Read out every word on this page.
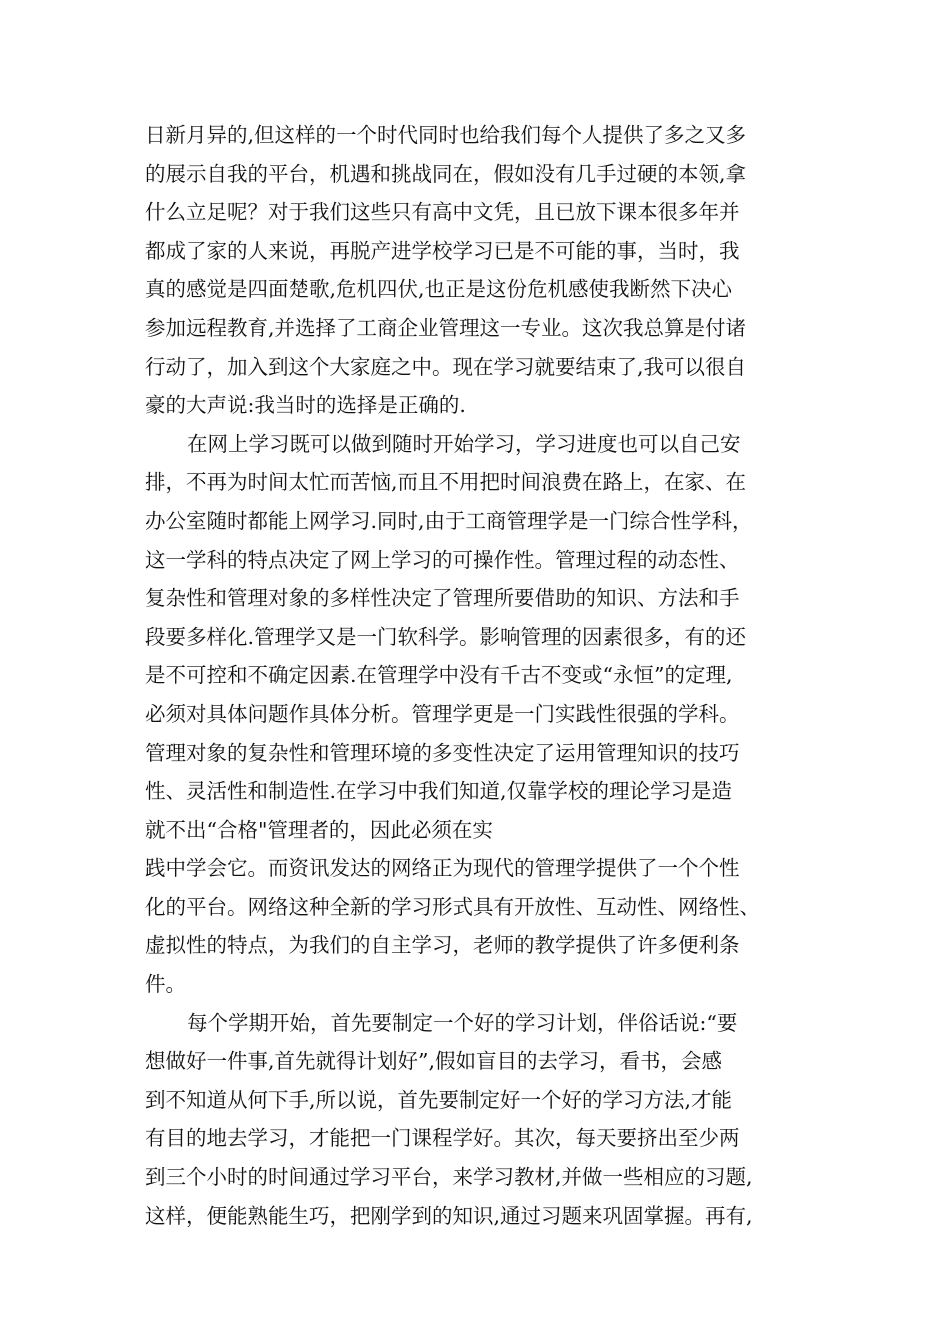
日新月异的,但这样的一个时代同时也给我们每个人提供了多之又多
的展示自我的平台，机遇和挑战同在，假如没有几手过硬的本领,拿
什么立足呢？对于我们这些只有高中文凭，且已放下课本很多年并
都成了家的人来说，再脱产进学校学习已是不可能的事，当时，我
真的感觉是四面楚歌,危机四伏,也正是这份危机感使我断然下决心
参加远程教育,并选择了工商企业管理这一专业。这次我总算是付诸
行动了，加入到这个大家庭之中。现在学习就要结束了,我可以很自
豪的大声说:我当时的选择是正确的.
在网上学习既可以做到随时开始学习，学习进度也可以自己安
排，不再为时间太忙而苦恼,而且不用把时间浪费在路上，在家、在
办公室随时都能上网学习.同时,由于工商管理学是一门综合性学科，
这一学科的特点决定了网上学习的可操作性。管理过程的动态性、
复杂性和管理对象的多样性决定了管理所要借助的知识、方法和手
段要多样化.管理学又是一门软科学。影响管理的因素很多，有的还
是不可控和不确定因素.在管理学中没有千古不变或“永恒”的定理,
必须对具体问题作具体分析。管理学更是一门实践性很强的学科。
管理对象的复杂性和管理环境的多变性决定了运用管理知识的技巧
性、灵活性和制造性.在学习中我们知道,仅靠学校的理论学习是造
就不出“合格"管理者的，因此必须在实
践中学会它。而资讯发达的网络正为现代的管理学提供了一个个性
化的平台。网络这种全新的学习形式具有开放性、互动性、网络性、
虚拟性的特点，为我们的自主学习，老师的教学提供了许多便利条
件。
每个学期开始，首先要制定一个好的学习计划，伴俗话说:“要
想做好一件事,首先就得计划好”,假如盲目的去学习，看书，会感
到不知道从何下手,所以说，首先要制定好一个好的学习方法,才能
有目的地去学习，才能把一门课程学好。其次，每天要挤出至少两
到三个小时的时间通过学习平台，来学习教材,并做一些相应的习题,
这样，便能熟能生巧，把刚学到的知识,通过习题来巩固掌握。再有,
